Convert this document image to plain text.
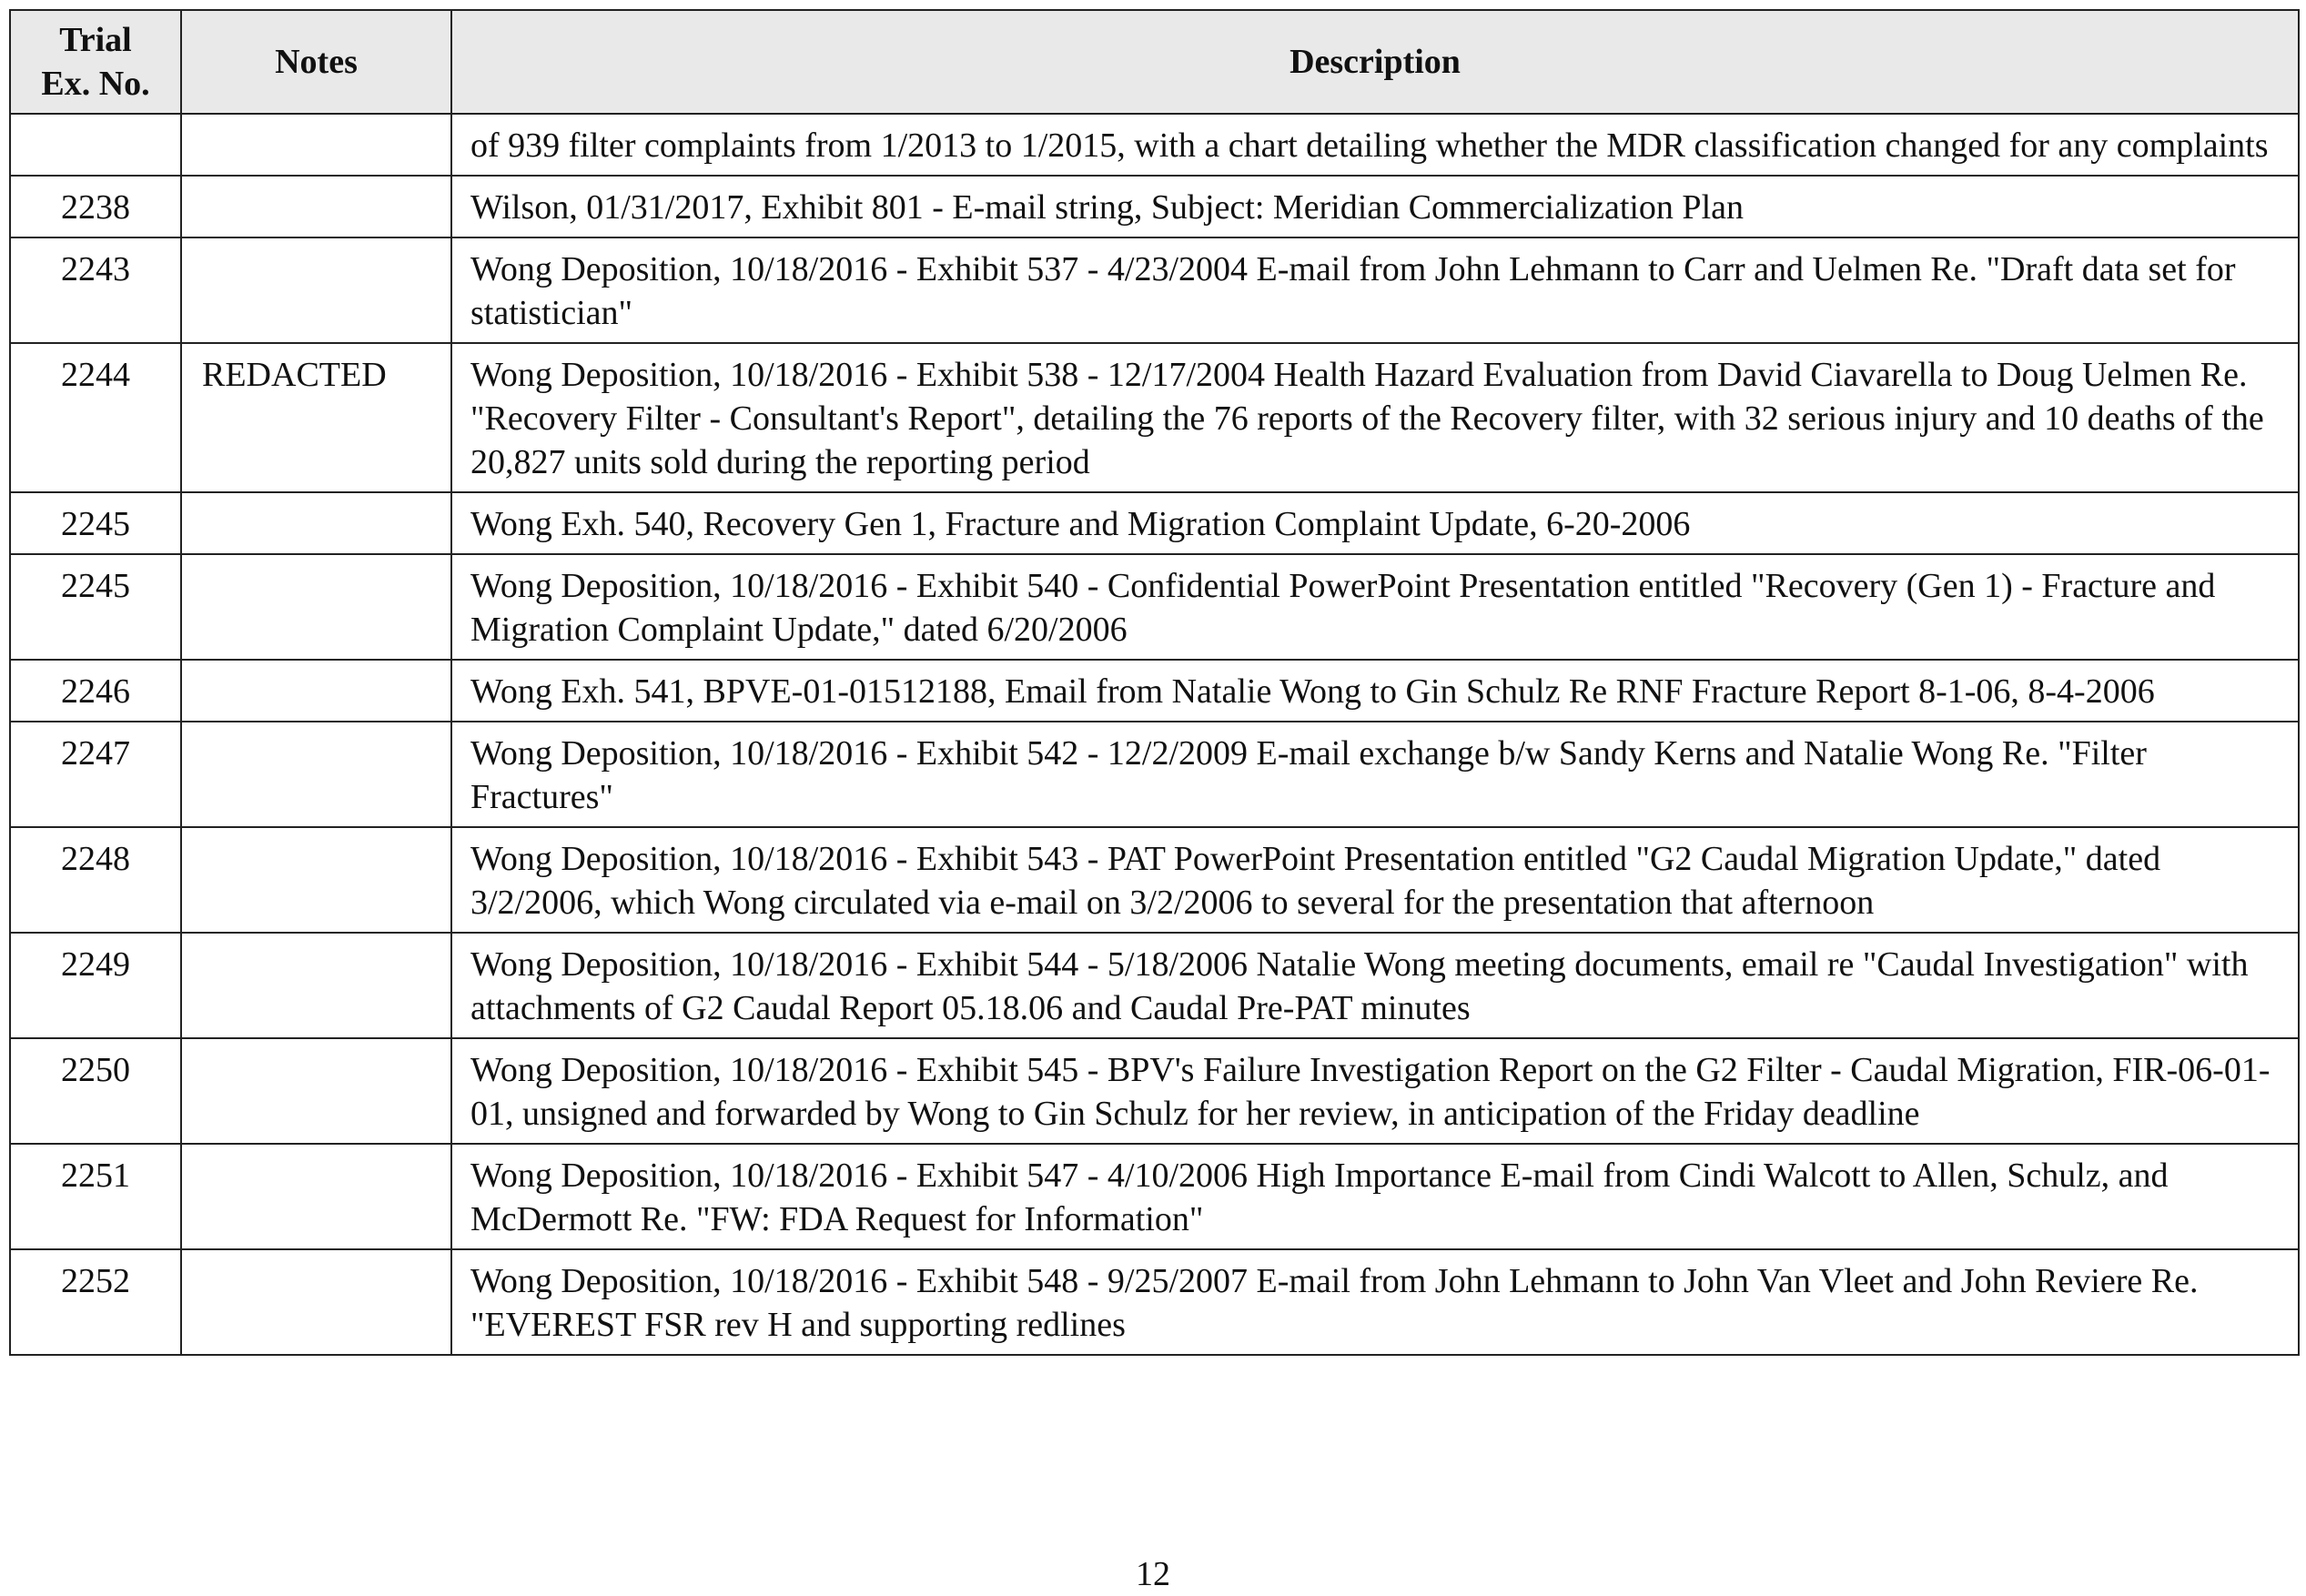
Trial
Ex. No.	Notes	Description
		of 939 filter complaints from 1/2013 to 1/2015, with a chart detailing whether the MDR classification changed for any complaints
2238		Wilson, 01/31/2017, Exhibit 801 - E-mail string, Subject: Meridian Commercialization Plan
2243		Wong Deposition, 10/18/2016 - Exhibit 537 - 4/23/2004 E-mail from John Lehmann to Carr and Uelmen Re. "Draft data set for statistician"
2244	REDACTED	Wong Deposition, 10/18/2016 - Exhibit 538 - 12/17/2004 Health Hazard Evaluation from David Ciavarella to Doug Uelmen Re. "Recovery Filter - Consultant's Report", detailing the 76 reports of the Recovery filter, with 32 serious injury and 10 deaths of the 20,827 units sold during the reporting period
2245		Wong Exh. 540, Recovery Gen 1, Fracture and Migration Complaint Update, 6-20-2006
2245		Wong Deposition, 10/18/2016 - Exhibit 540 - Confidential PowerPoint Presentation entitled "Recovery (Gen 1) - Fracture and Migration Complaint Update," dated 6/20/2006
2246		Wong Exh. 541, BPVE-01-01512188, Email from Natalie Wong to Gin Schulz Re RNF Fracture Report 8-1-06, 8-4-2006
2247		Wong Deposition, 10/18/2016 - Exhibit 542 - 12/2/2009 E-mail exchange b/w Sandy Kerns and Natalie Wong Re. "Filter Fractures"
2248		Wong Deposition, 10/18/2016 - Exhibit 543 - PAT PowerPoint Presentation entitled "G2 Caudal Migration Update," dated 3/2/2006, which Wong circulated via e-mail on 3/2/2006 to several for the presentation that afternoon
2249		Wong Deposition, 10/18/2016 - Exhibit 544 - 5/18/2006 Natalie Wong meeting documents, email re "Caudal Investigation" with attachments of G2 Caudal Report 05.18.06 and Caudal Pre-PAT minutes
2250		Wong Deposition, 10/18/2016 - Exhibit 545 - BPV's Failure Investigation Report on the G2 Filter - Caudal Migration, FIR-06-01-01, unsigned and forwarded by Wong to Gin Schulz for her review, in anticipation of the Friday deadline
2251		Wong Deposition, 10/18/2016 - Exhibit 547 - 4/10/2006 High Importance E-mail from Cindi Walcott to Allen, Schulz, and McDermott Re. "FW: FDA Request for Information"
2252		Wong Deposition, 10/18/2016 - Exhibit 548 - 9/25/2007 E-mail from John Lehmann to John Van Vleet and John Reviere Re. "EVEREST FSR rev H and supporting redlines
12
